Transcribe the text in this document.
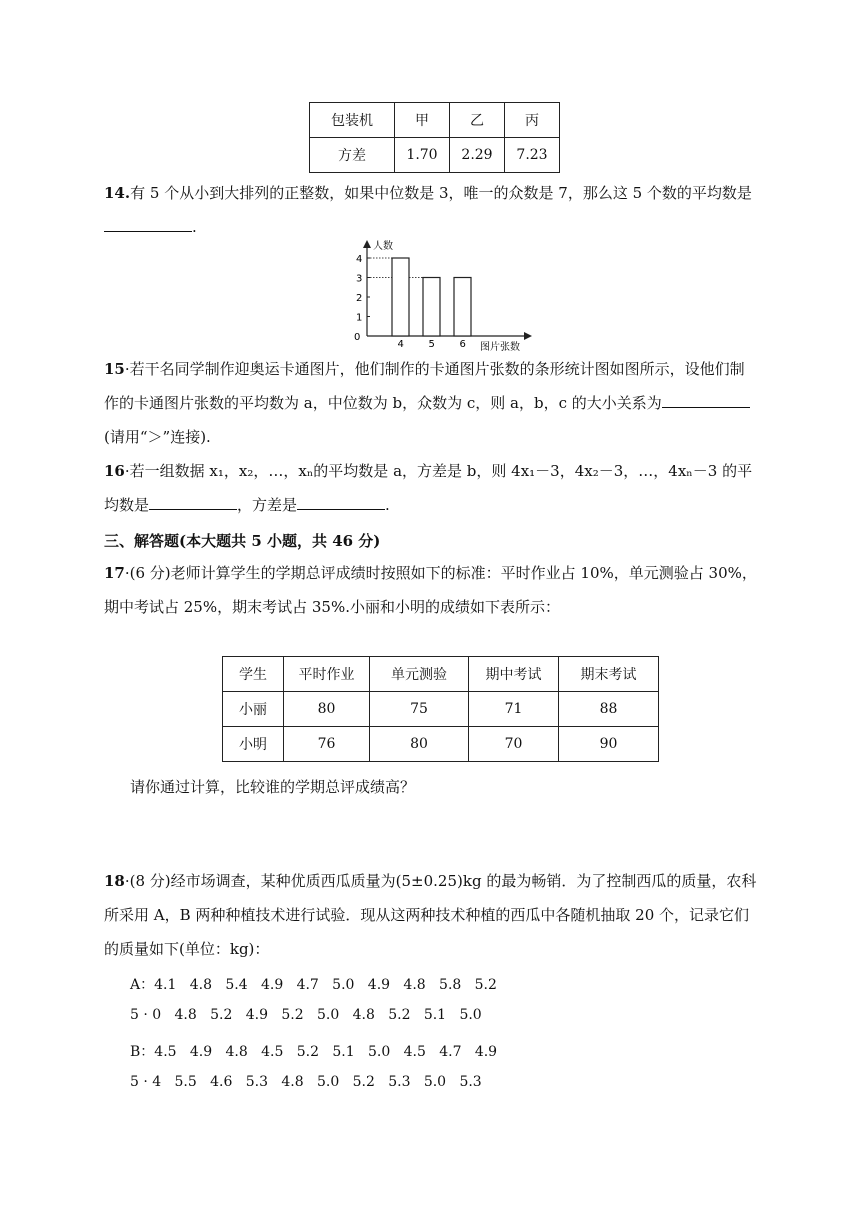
包装机	甲	乙	丙
方差	1.70	2.29	7.23

14.有 5 个从小到大排列的正整数，如果中位数是 3，唯一的众数是 7，那么这 5 个数的平均数是
.

人数
图片张数
0
1
2
3
4
4 5 6

15·若干名同学制作迎奥运卡通图片，他们制作的卡通图片张数的条形统计图如图所示，设他们制作的卡通图片张数的平均数为 a，中位数为 b，众数为 c，则 a，b，c 的大小关系为(请用“＞”连接).

16·若一组数据 x₁，x₂，…，xₙ的平均数是 a，方差是 b，则 4x₁－3，4x₂－3，…，4xₙ－3 的平均数是	，方差是	.

三、解答题(本大题共 5 小题，共 46 分)

17·(6 分)老师计算学生的学期总评成绩时按照如下的标准：平时作业占 10%，单元测验占 30%，期中考试占 25%，期末考试占 35%.小丽和小明的成绩如下表所示：

学生	平时作业	单元测验	期中考试	期末考试
小丽	80	75	71	88
小明	76	80	70	90

请你通过计算，比较谁的学期总评成绩高？

18·(8 分)经市场调查，某种优质西瓜质量为(5±0.25)kg 的最为畅销．为了控制西瓜的质量，农科所采用 A，B 两种种植技术进行试验．现从这两种技术种植的西瓜中各随机抽取 20 个，记录它们的质量如下(单位：kg)：

A：4.1   4.8   5.4   4.9   4.7   5.0   4.9   4.8   5.8   5.2

5 · 0   4.8   5.2   4.9   5.2   5.0   4.8   5.2   5.1   5.0

B：4.5   4.9   4.8   4.5   5.2   5.1   5.0   4.5   4.7   4.9

5 · 4   5.5   4.6   5.3   4.8   5.0   5.2   5.3   5.0   5.3
